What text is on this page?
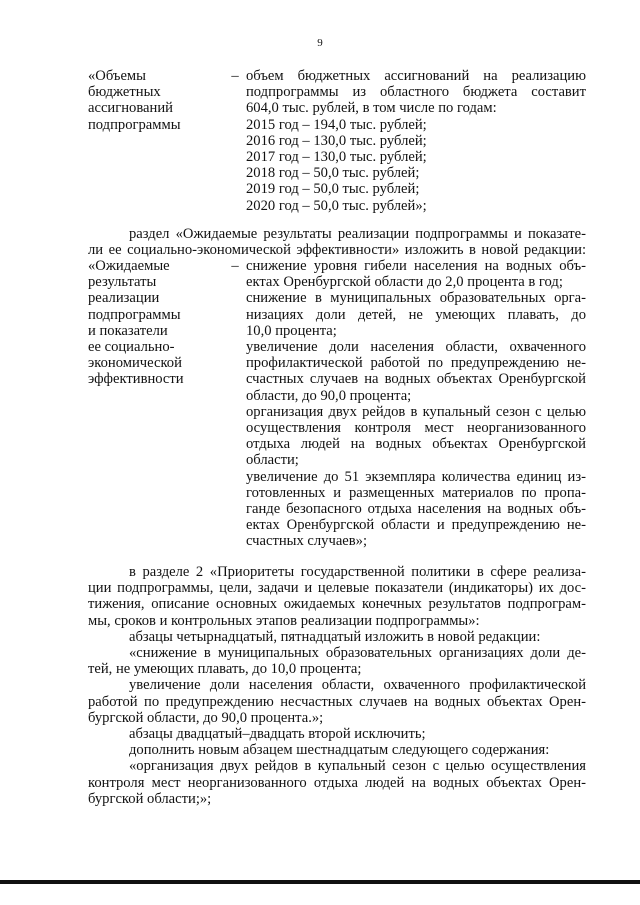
9
«Объемы
бюджетных
ассигнований
подпрограммы
– объем бюджетных ассигнований на реализацию
подпрограммы из областного бюджета составит
604,0 тыс. рублей, в том числе по годам:
2015 год – 194,0 тыс. рублей;
2016 год – 130,0 тыс. рублей;
2017 год – 130,0 тыс. рублей;
2018 год – 50,0 тыс. рублей;
2019 год – 50,0 тыс. рублей;
2020 год – 50,0 тыс. рублей»;

раздел «Ожидаемые результаты реализации подпрограммы и показате-

ли ее социально-экономической эффективности» изложить в новой редакции:

«Ожидаемые
результаты
реализации
подпрограммы
и показатели
ее социально-
экономической
эффективности
– снижение уровня гибели населения на водных объ-
ектах Оренбургской области до 2,0 процента в год;
снижение в муниципальных образовательных орга-
низациях доли детей, не умеющих плавать, до
10,0 процента;
увеличение доли населения области, охваченного
профилактической работой по предупреждению не-
счастных случаев на водных объектах Оренбургской
области, до 90,0 процента;
организация двух рейдов в купальный сезон с целью
осуществления контроля мест неорганизованного
отдыха людей на водных объектах Оренбургской
области;
увеличение до 51 экземпляра количества единиц из-
готовленных и размещенных материалов по пропа-
ганде безопасного отдыха населения на водных объ-
ектах Оренбургской области и предупреждению не-
счастных случаев»;

в разделе 2 «Приоритеты государственной политики в сфере реализа-

ции подпрограммы, цели, задачи и целевые показатели (индикаторы) их дос-

тижения, описание основных ожидаемых конечных результатов подпрограм-

мы, сроков и контрольных этапов реализации подпрограммы»:

абзацы четырнадцатый, пятнадцатый изложить в новой редакции:

«снижение в муниципальных образовательных организациях доли де-

тей, не умеющих плавать, до 10,0 процента;

увеличение доли населения области, охваченного профилактической

работой по предупреждению несчастных случаев на водных объектах Орен-

бургской области, до 90,0 процента.»;

абзацы двадцатый–двадцать второй исключить;

дополнить новым абзацем шестнадцатым следующего содержания:

«организация двух рейдов в купальный сезон с целью осуществления

контроля мест неорганизованного отдыха людей на водных объектах Орен-

бургской области;»;
